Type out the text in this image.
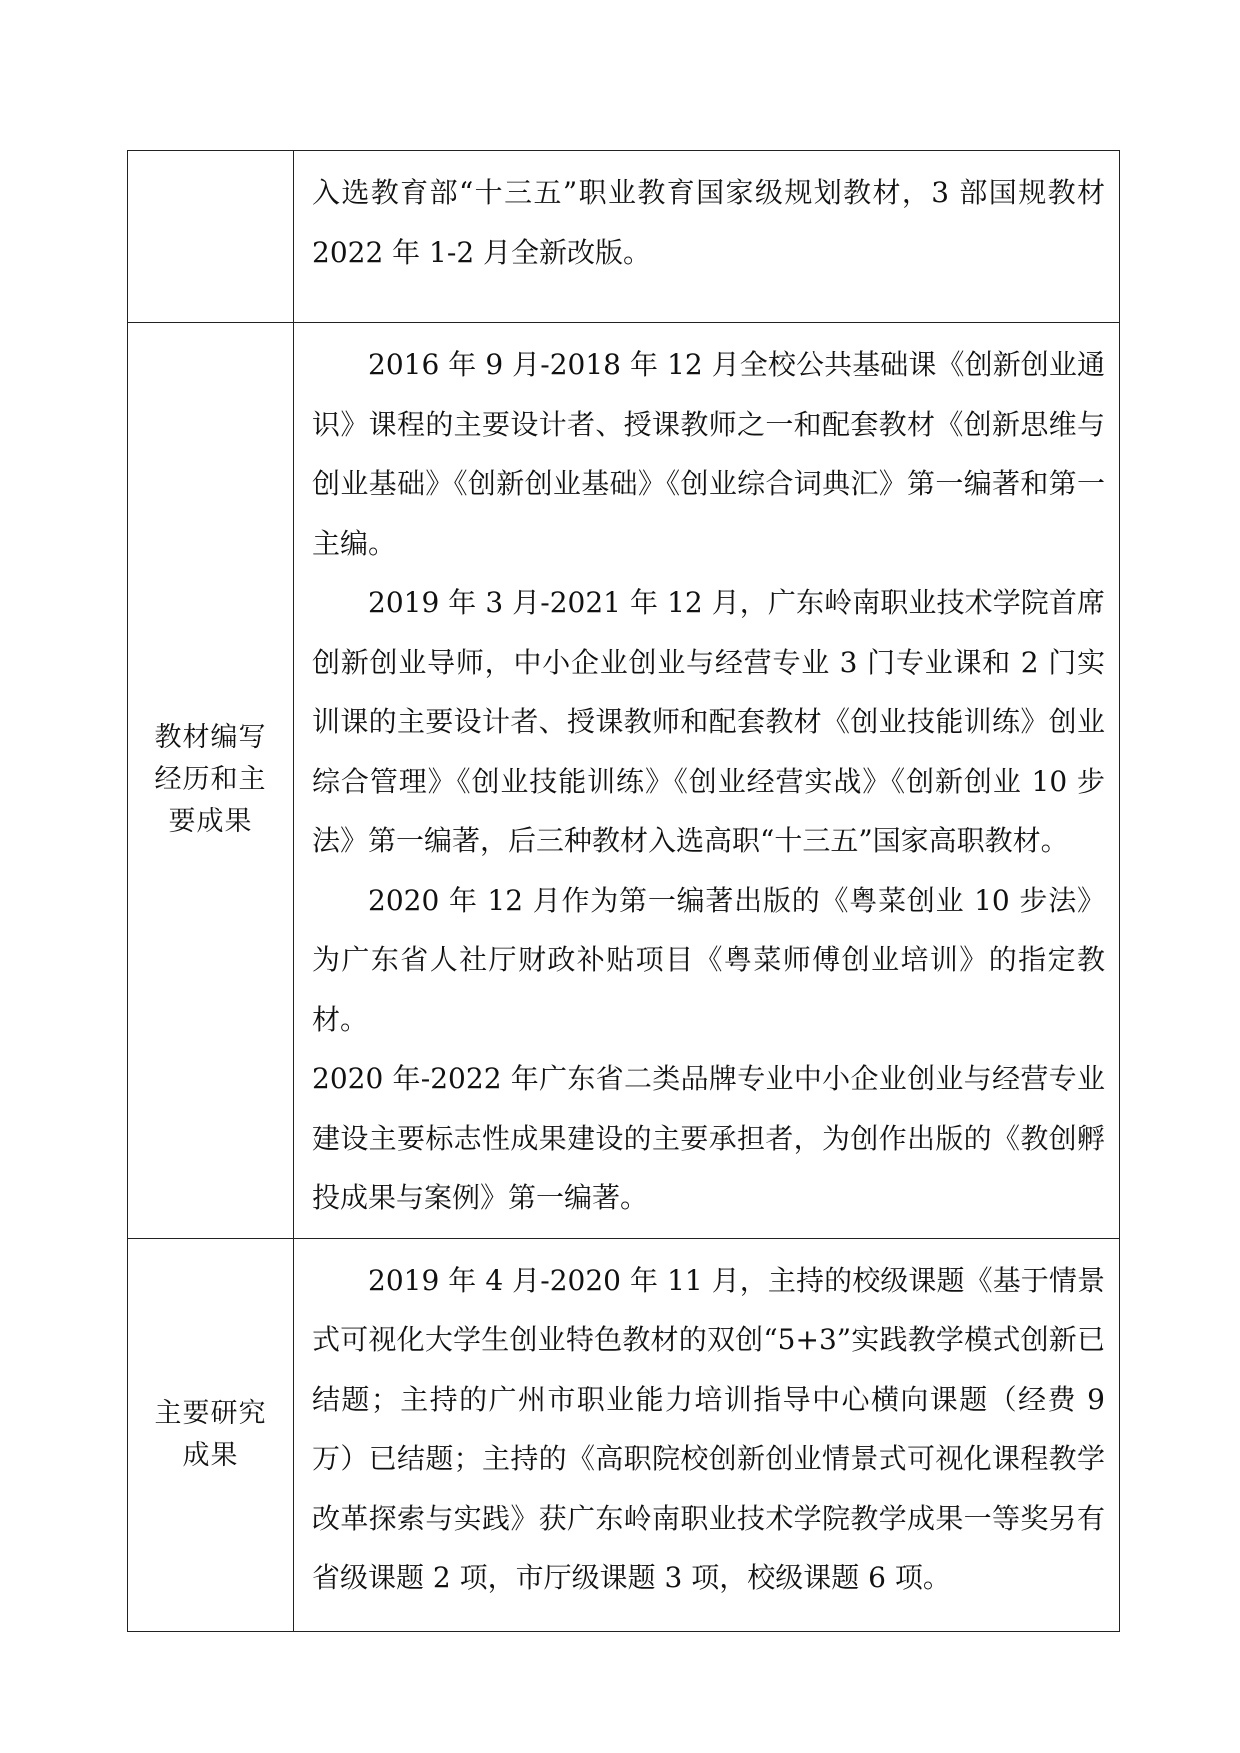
	入选教育部“十三五”职业教育国家级规划教材，3 部国规教材 2022 年 1-2 月全新改版。

教材编写经历和主要成果	2016 年 9 月-2018 年 12 月全校公共基础课《创新创业通识》课程的主要设计者、授课教师之一和配套教材《创新思维与创业基础》《创新创业基础》《创业综合词典汇》第一编著和第一主编。

2019 年 3 月-2021 年 12 月，广东岭南职业技术学院首席创新创业导师，中小企业创业与经营专业 3 门专业课和 2 门实训课的主要设计者、授课教师和配套教材《创业技能训练》创业综合管理》《创业技能训练》《创业经营实战》《创新创业 10 步法》第一编著，后三种教材入选高职“十三五”国家高职教材。

2020 年 12 月作为第一编著出版的《粤菜创业 10 步法》为广东省人社厅财政补贴项目《粤菜师傅创业培训》的指定教材。

2020 年-2022 年广东省二类品牌专业中小企业创业与经营专业建设主要标志性成果建设的主要承担者，为创作出版的《教创孵投成果与案例》第一编著。

主要研究成果	2019 年 4 月-2020 年 11 月，主持的校级课题《基于情景式可视化大学生创业特色教材的双创“5+3”实践教学模式创新已结题；主持的广州市职业能力培训指导中心横向课题（经费 9 万）已结题；主持的《高职院校创新创业情景式可视化课程教学改革探索与实践》获广东岭南职业技术学院教学成果一等奖另有省级课题 2 项，市厅级课题 3 项，校级课题 6 项。
